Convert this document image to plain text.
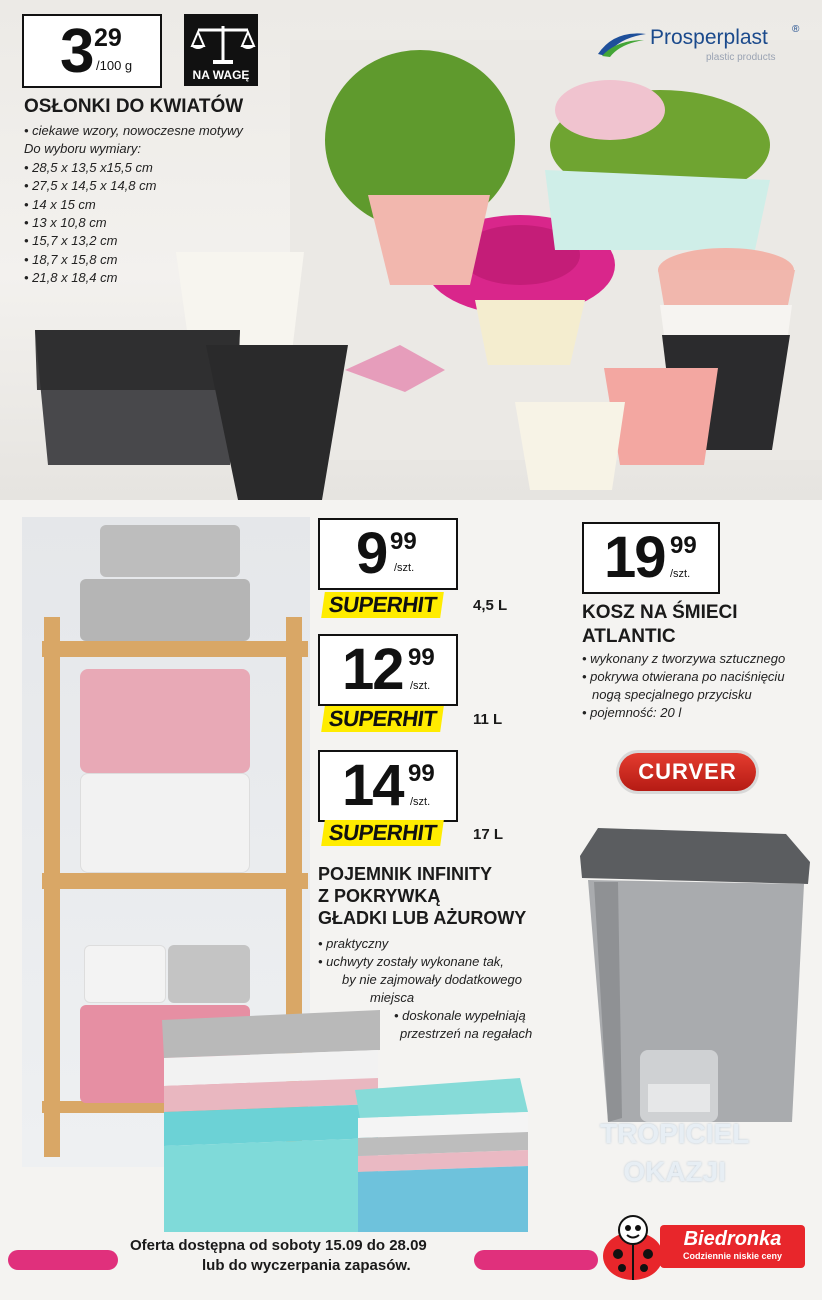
3 29
/100 g
NA WAGĘ
Prosperplast ®
plastic products
OSŁONKI DO KWIATÓW
• ciekawe wzory, nowoczesne motywy
Do wyboru wymiary:
• 28,5 x 13,5 x15,5 cm
• 27,5 x 14,5 x 14,8 cm
• 14 x 15 cm
• 13 x 10,8 cm
• 15,7 x 13,2 cm
• 18,7 x 15,8 cm
• 21,8 x 18,4 cm
9 99
/szt.
SUPERHIT	4,5 L
12 99
/szt.
SUPERHIT	11 L
14 99
/szt.
SUPERHIT	17 L
POJEMNIK INFINITY
Z POKRYWKĄ
GŁADKI LUB AŻUROWY
• praktyczny
• uchwyty zostały wykonane tak,
by nie zajmowały dodatkowego
miejsca
• doskonale wypełniają
przestrzeń na regałach
19 99
/szt.
KOSZ NA ŚMIECI
ATLANTIC
• wykonany z tworzywa sztucznego
• pokrywa otwierana po naciśnięciu
nogą specjalnego przycisku
• pojemność: 20 l
CURVER
TROPICIEL
OKAZJI
Oferta dostępna od soboty 15.09 do 28.09
lub do wyczerpania zapasów.
Biedronka
Codziennie niskie ceny
